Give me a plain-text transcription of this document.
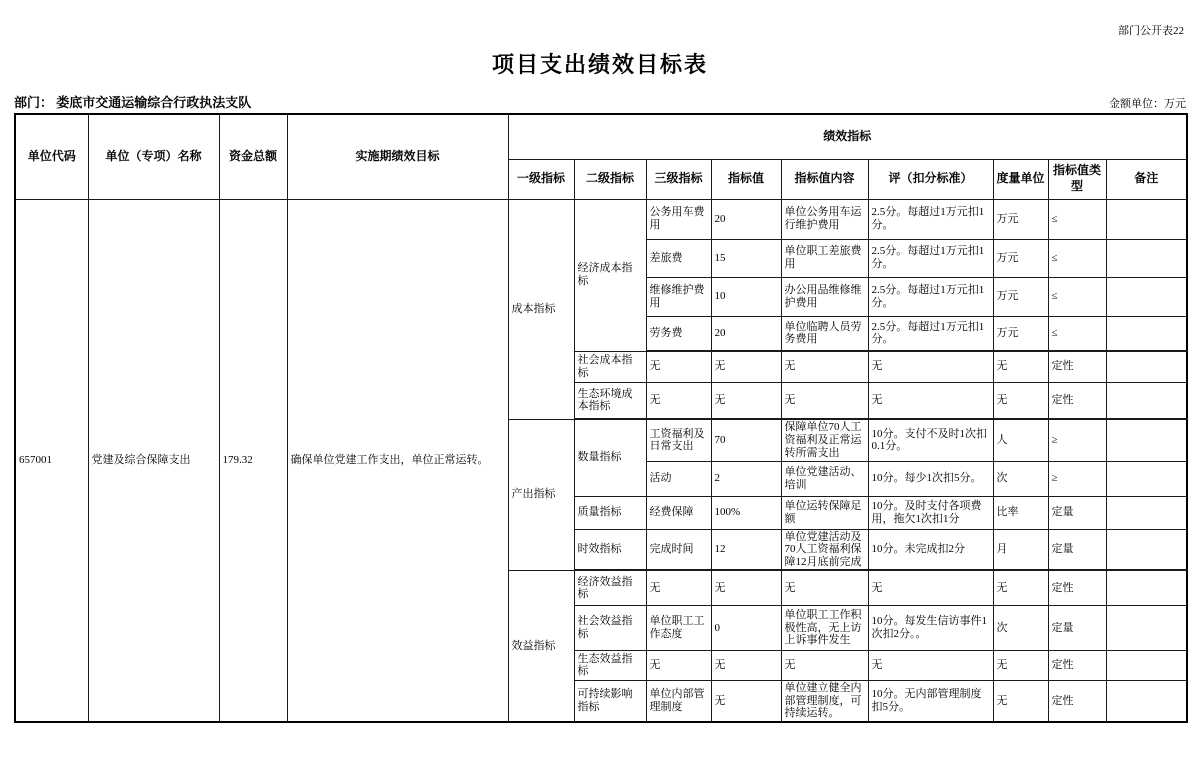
部门公开表22
项目支出绩效目标表
部门： 娄底市交通运输综合行政执法支队	金额单位：万元
单位代码	单位（专项）名称	资金总额	实施期绩效目标	绩效指标								
				一级指标	二级指标	三级指标	指标值	指标值内容	评（扣分标准）	度量单位	指标值类型	备注
657001	党建及综合保障支出	179.32	确保单位党建工作支出，单位正常运转。	成本指标	经济成本指标	公务用车费用	20	单位公务用车运行维护费用	2.5分。每超过1万元扣1分。	万元	≤	
						差旅费	15	单位职工差旅费用	2.5分。每超过1万元扣1分。	万元	≤	
						维修维护费用	10	办公用品维修维护费用	2.5分。每超过1万元扣1分。	万元	≤	
						劳务费	20	单位临聘人员劳务费用	2.5分。每超过1万元扣1分。	万元	≤	
					社会成本指标	无	无	无	无	无	定性	
					生态环境成本指标	无	无	无	无	无	定性	
				产出指标	数量指标	工资福利及日常支出	70	保障单位70人工资福利及正常运转所需支出	10分。支付不及时1次扣0.1分。	人	≥	
						活动	2	单位党建活动、培训	10分。每少1次扣5分。	次	≥	
					质量指标	经费保障	100%	单位运转保障足额	10分。及时支付各项费用，拖欠1次扣1分	比率	定量	
					时效指标	完成时间	12	单位党建活动及70人工资福利保障12月底前完成	10分。未完成扣2分	月	定量	
				效益指标	经济效益指标	无	无	无	无	无	定性	
					社会效益指标	单位职工工作态度	0	单位职工工作积极性高，无上访上诉事件发生	10分。每发生信访事件1次扣2分。。	次	定量	
					生态效益指标	无	无	无	无	无	定性	
					可持续影响指标	单位内部管理制度	无	单位建立健全内部管理制度，可持续运转。	10分。无内部管理制度扣5分。	无	定性	
